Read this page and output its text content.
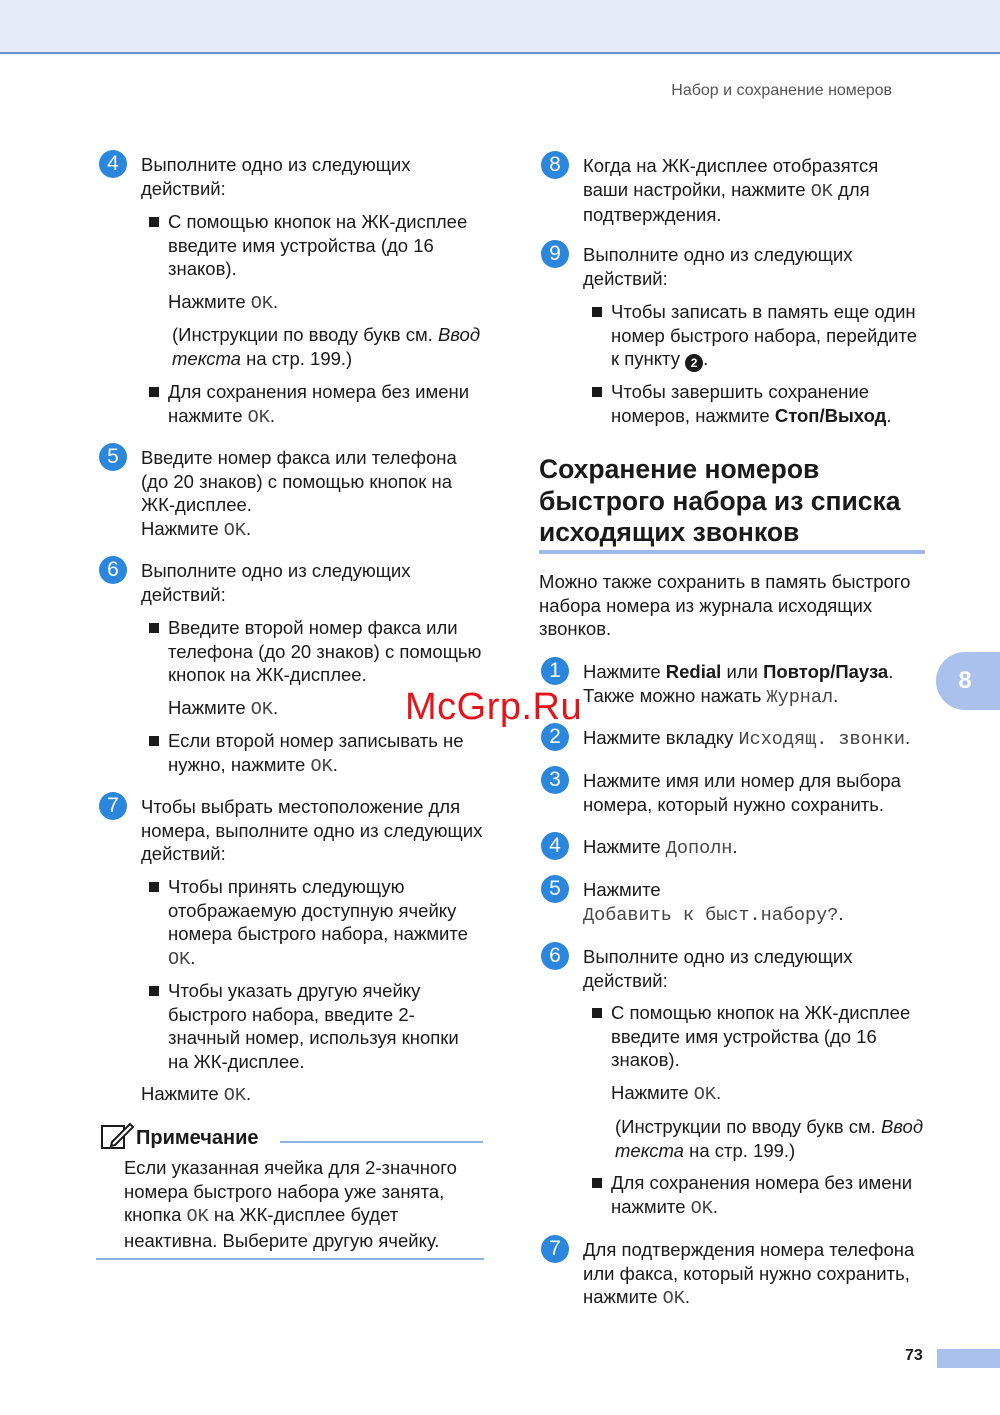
Набор и сохранение номеров
8
4	Выполните одно из следующих действий:

С помощью кнопок на ЖК-дисплее введите имя устройства (до 16 знаков).

Нажмите OK.
(Инструкции по вводу букв см. Ввод текста на стр. 199.)
Для сохранения номера без имени нажмите OK.
5	Введите номер факса или телефона (до 20 знаков) с помощью кнопок на ЖК-дисплее.

Нажмите OK.

6	Выполните одно из следующих действий:

Введите второй номер факса или телефона (до 20 знаков) с помощью кнопок на ЖК-дисплее.

Нажмите OK.
Если второй номер записывать не нужно, нажмите OK.
7	Чтобы выбрать местоположение для номера, выполните одно из следующих действий:

Чтобы принять следующую отображаемую доступную ячейку номера быстрого набора, нажмите OK.

Чтобы указать другую ячейку быстрого набора, введите 2-значный номер, используя кнопки на ЖК-дисплее.

Нажмите OK.
Примечание
Если указанная ячейка для 2-значного номера быстрого набора уже занята, кнопка OK на ЖК-дисплее будет неактивна. Выберите другую ячейку.
8	Когда на ЖК-дисплее отобразятся ваши настройки, нажмите OK для подтверждения.
9	Выполните одно из следующих действий:

Чтобы записать в память еще один номер быстрого набора, перейдите к пункту 2 .
Чтобы завершить сохранение номеров, нажмите Стоп/Выход.
Сохранение номеров быстрого набора из списка исходящих звонков

Можно также сохранить в память быстрого набора номера из журнала исходящих звонков.

1	Нажмите Redial или Повтор/Пауза.

Также можно нажать Журнал.

2	Нажмите вкладку Исходящ. звонки.
3	Нажмите имя или номер для выбора номера, который нужно сохранить.

4	Нажмите Дополн.
5	Нажмите

Добавить к быст.набору?.

6	Выполните одно из следующих действий:

С помощью кнопок на ЖК-дисплее введите имя устройства (до 16 знаков).

Нажмите OK.
(Инструкции по вводу букв см. Ввод текста на стр. 199.)
Для сохранения номера без имени нажмите OK.
7	Для подтверждения номера телефона или факса, который нужно сохранить, нажмите OK.
McGrp.Ru
73
